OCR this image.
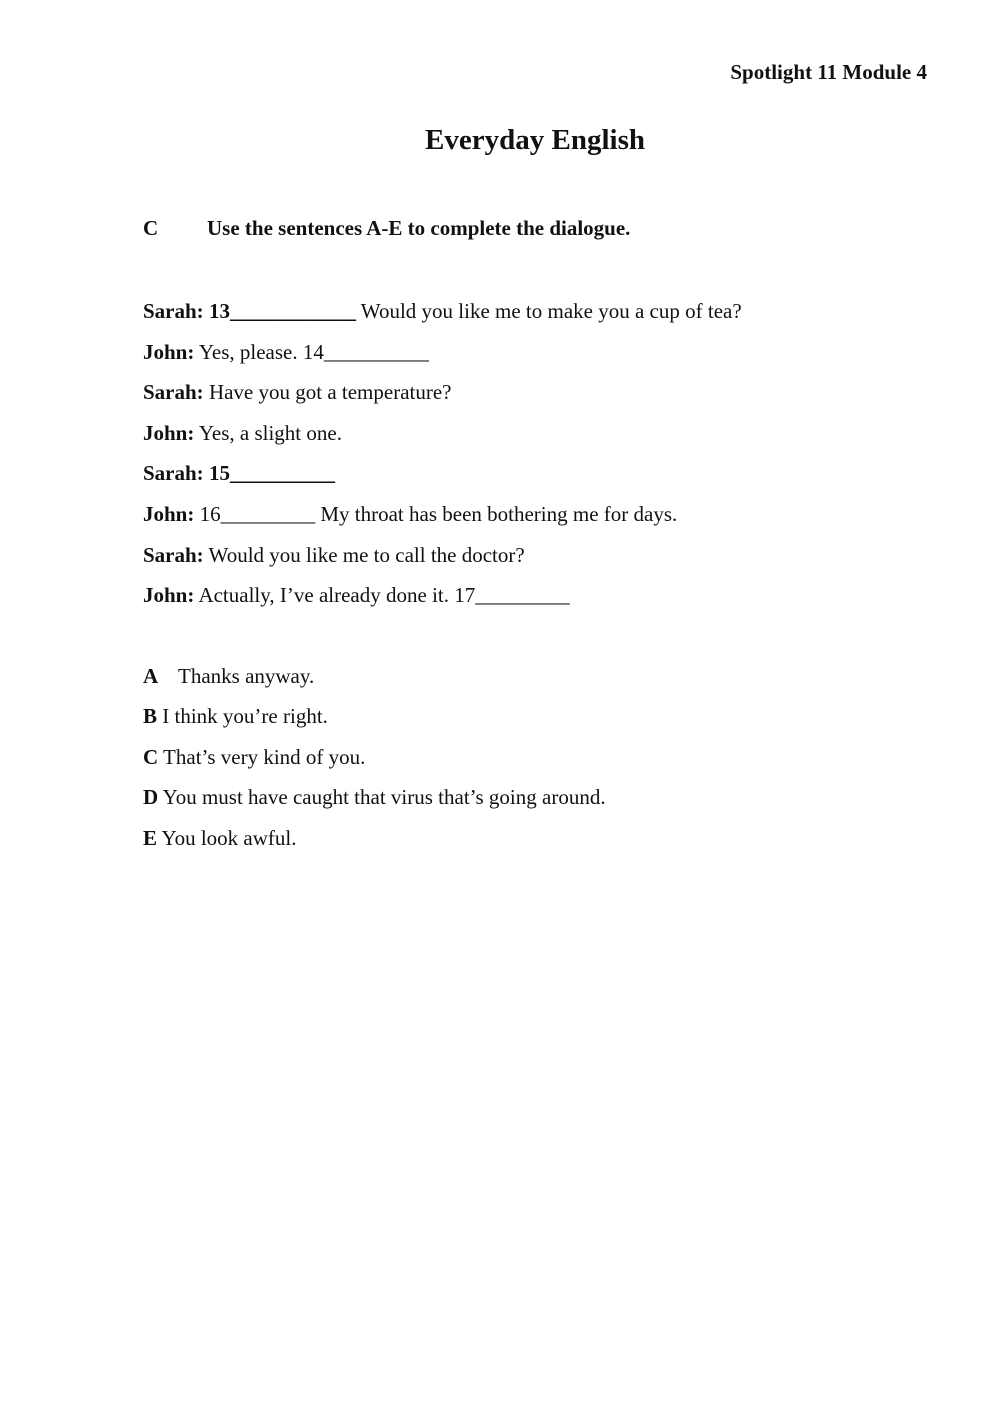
Spotlight 11 Module 4
Everyday English
C Use the sentences A-E to complete the dialogue.
Sarah: 13____________ Would you like me to make you a cup of tea?
John: Yes, please. 14__________
Sarah: Have you got a temperature?
John: Yes, a slight one.
Sarah: 15__________
John: 16_________ My throat has been bothering me for days.
Sarah: Would you like me to call the doctor?
John: Actually, I’ve already done it. 17_________
A Thanks anyway.
B I think you’re right.
C That’s very kind of you.
D You must have caught that virus that’s going around.
E You look awful.
